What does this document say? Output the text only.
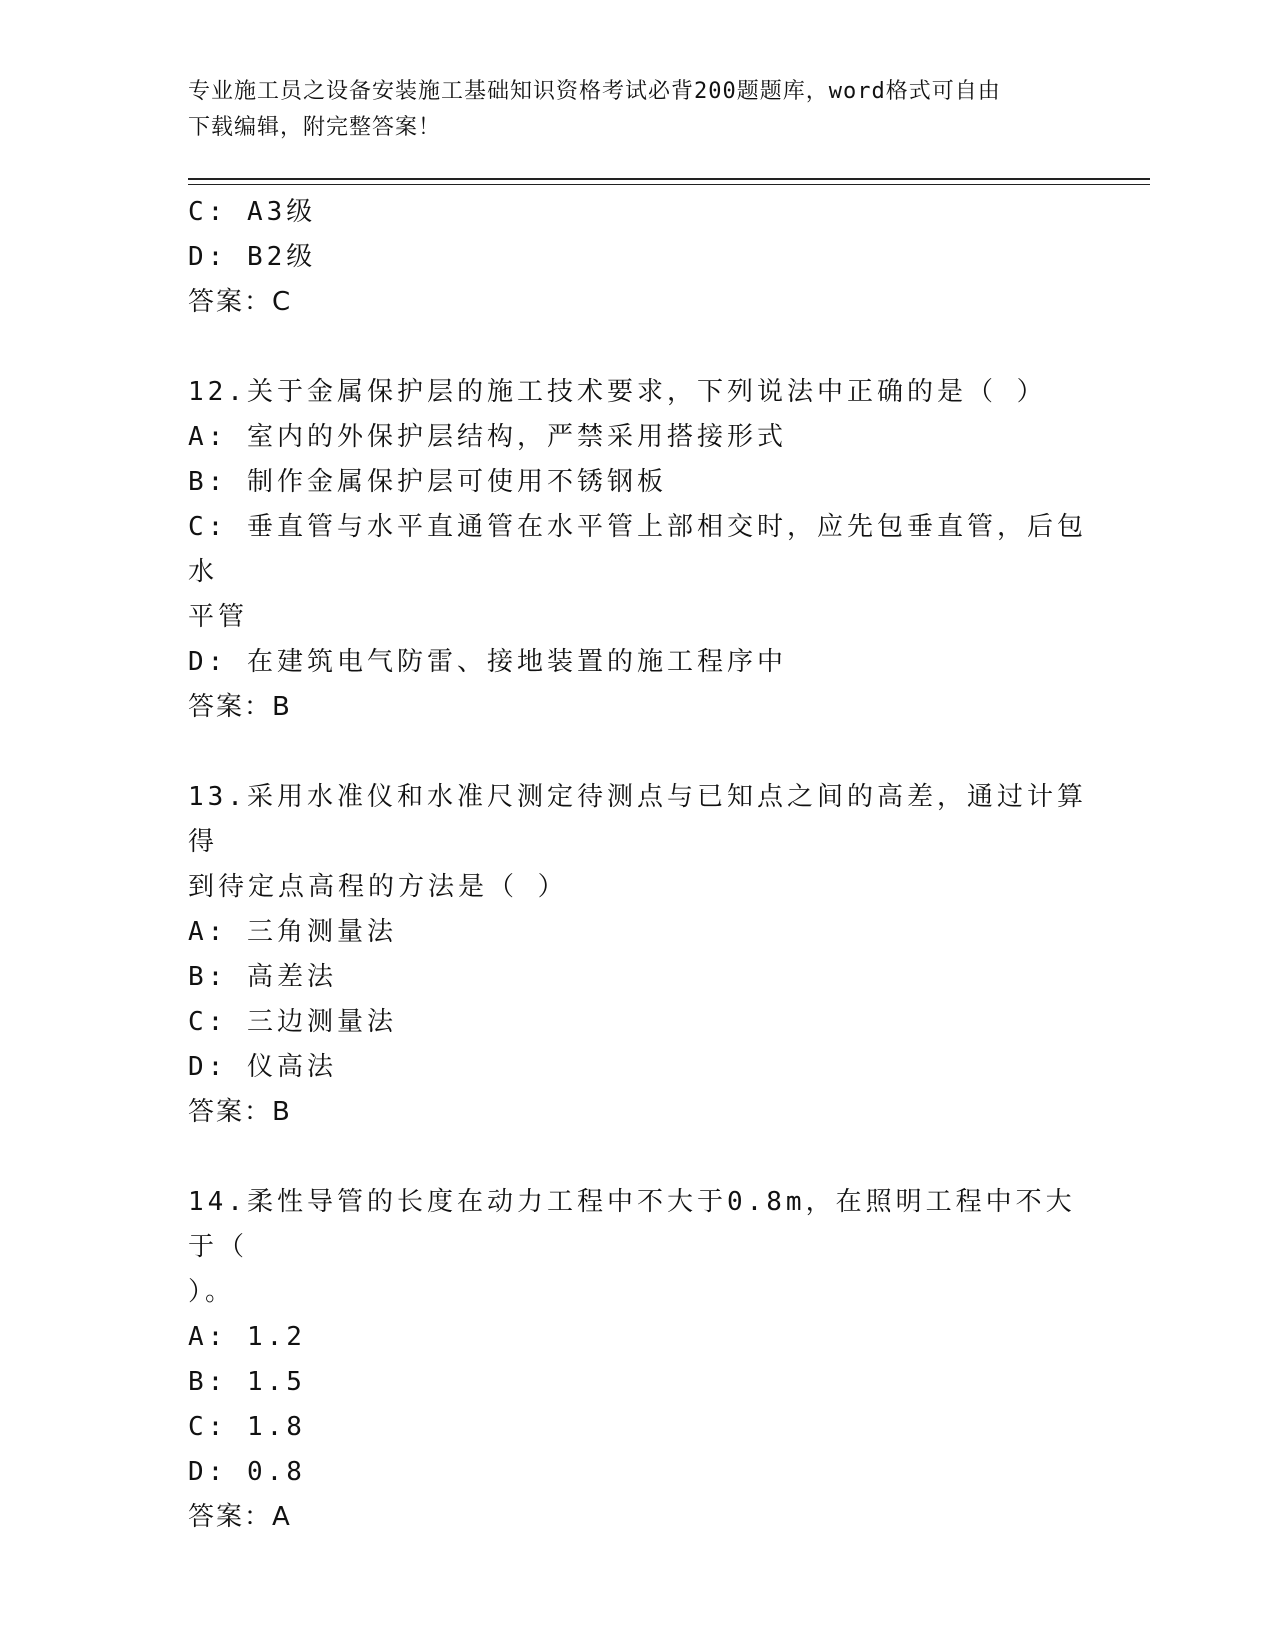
专业施工员之设备安装施工基础知识资格考试必背200题题库，word格式可自由
下载编辑，附完整答案！
C: A3级
D: B2级
答案：C
12.关于金属保护层的施工技术要求，下列说法中正确的是（ ）
A: 室内的外保护层结构，严禁采用搭接形式
B: 制作金属保护层可使用不锈钢板
C: 垂直管与水平直通管在水平管上部相交时，应先包垂直管，后包水
平管
D: 在建筑电气防雷、接地装置的施工程序中
答案：B
13.采用水准仪和水准尺测定待测点与已知点之间的高差，通过计算得
到待定点高程的方法是（ ）
A: 三角测量法
B: 高差法
C: 三边测量法
D: 仪高法
答案：B
14.柔性导管的长度在动力工程中不大于0.8m，在照明工程中不大于（
）。
A: 1.2
B: 1.5
C: 1.8
D: 0.8
答案：A
